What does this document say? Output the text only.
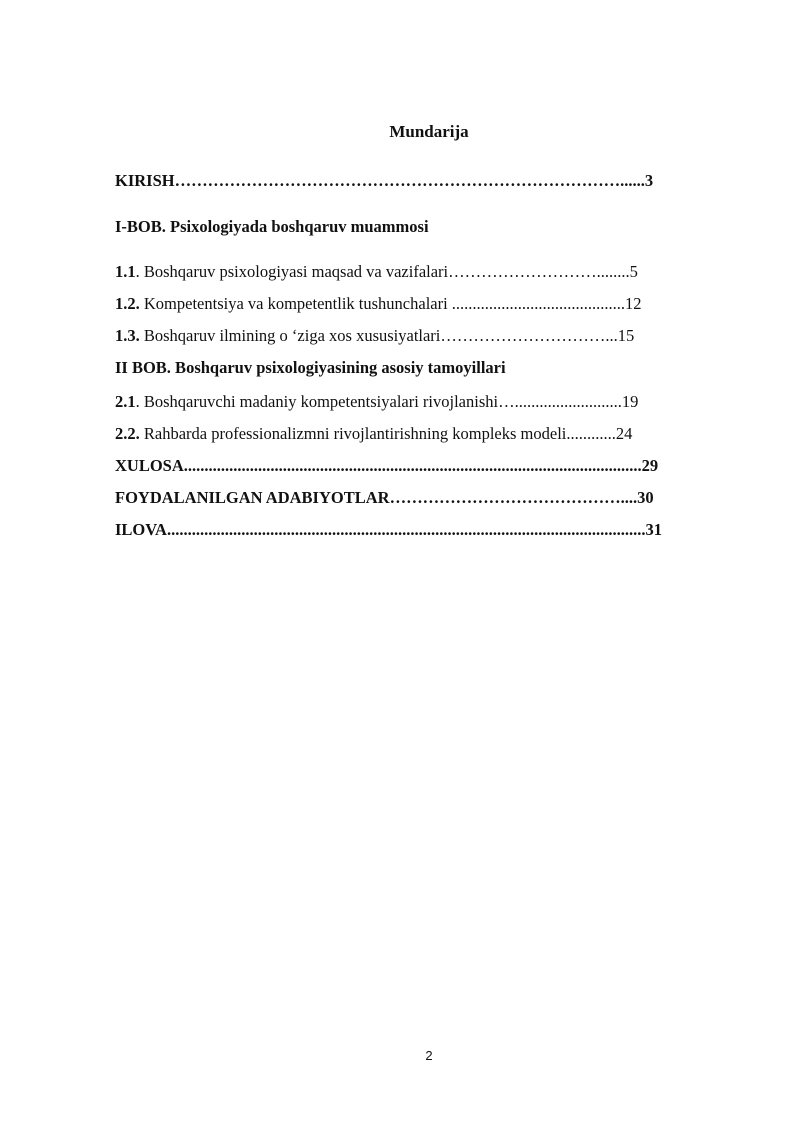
Mundarija
KIRISH………………………………………………………………………......3
I-BOB. Psixologiyada boshqaruv muammosi
1.1. Boshqaruv psixologiyasi maqsad va vazifalari………………………........5
1.2. Kompetentsiya va kompetentlik tushunchalari ..........................................12
1.3. Boshqaruv ilmining o ‘ziga xos xususiyatlari…………………………...15
II BOB. Boshqaruv psixologiyasining asosiy tamoyillari
2.1. Boshqaruvchi madaniy kompetentsiyalari rivojlanishi…..........................19
2.2. Rahbarda professionalizmni rivojlantirishning kompleks modeli............24
XULOSA...............................................................................................................29
FOYDALANILGAN ADABIYOTLAR……………………………………....30
ILOVA....................................................................................................................31
2
